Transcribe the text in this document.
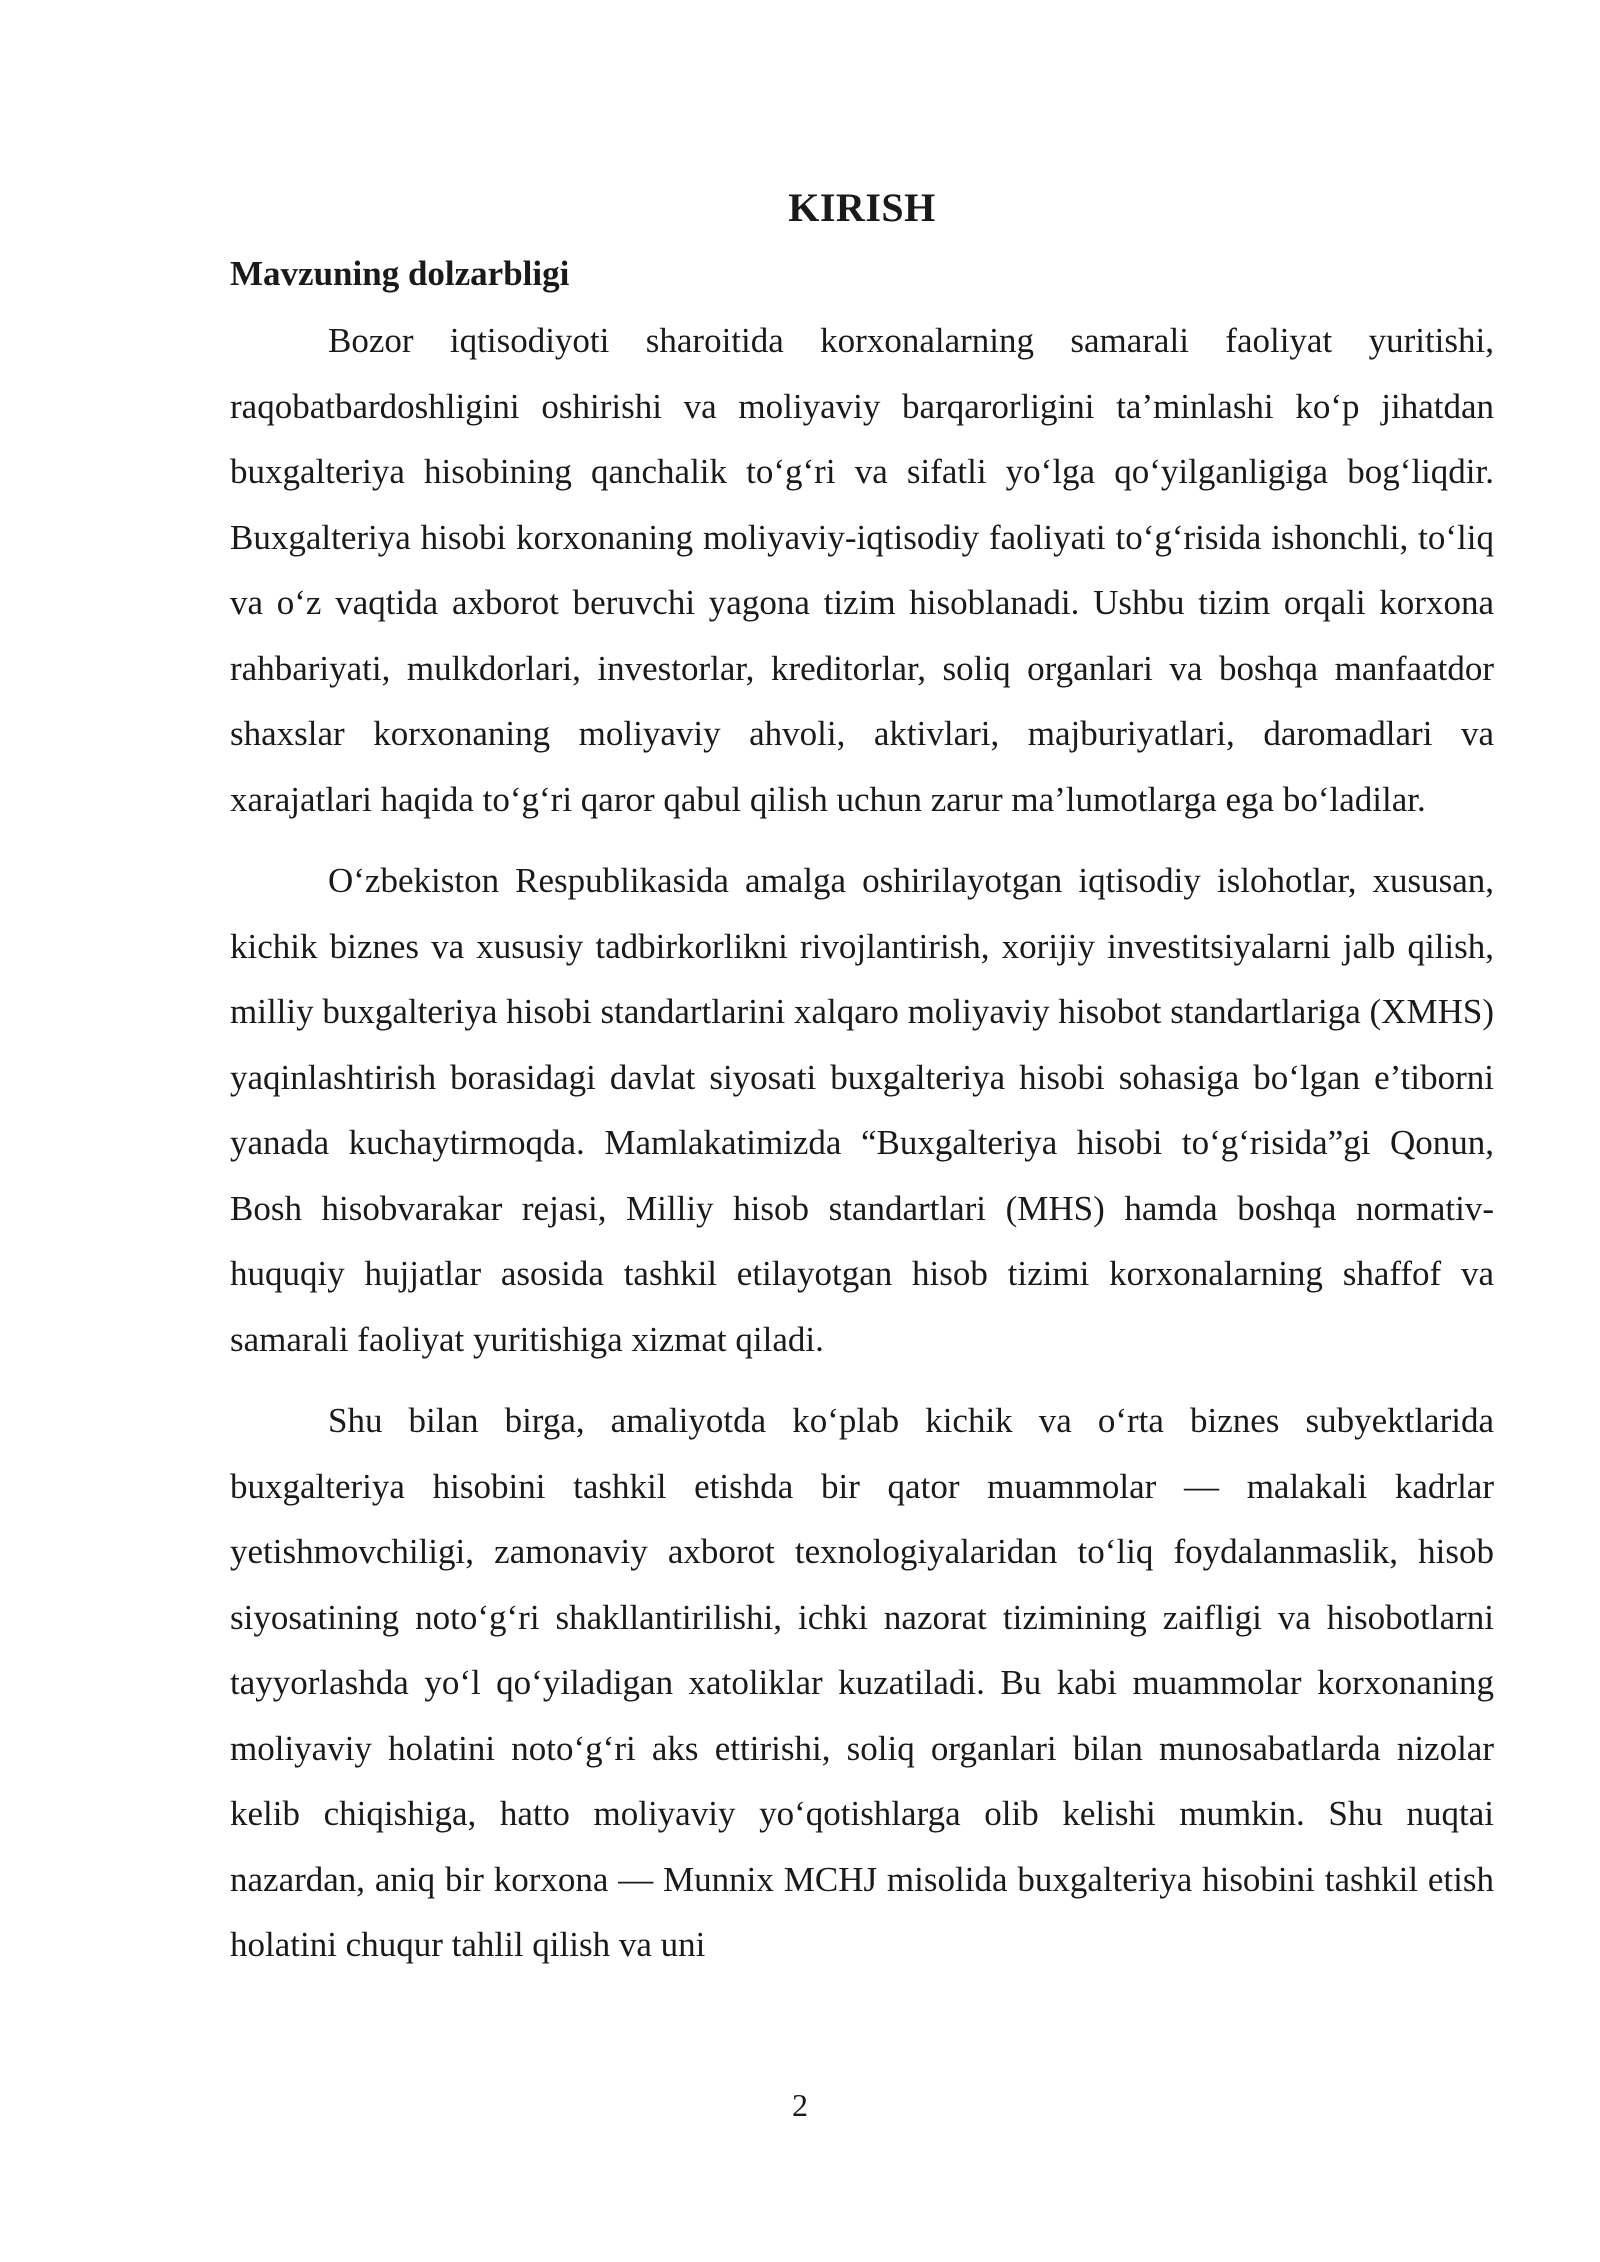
KIRISH
Mavzuning dolzarbligi

Bozor iqtisodiyoti sharoitida korxonalarning samarali faoliyat yuritishi, raqobatbardoshligini oshirishi va moliyaviy barqarorligini ta’minlashi ko‘p jihatdan buxgalteriya hisobining qanchalik to‘g‘ri va sifatli yo‘lga qo‘yilganligiga bog‘liqdir. Buxgalteriya hisobi korxonaning moliyaviy-iqtisodiy faoliyati to‘g‘risida ishonchli, to‘liq va o‘z vaqtida axborot beruvchi yagona tizim hisoblanadi. Ushbu tizim orqali korxona rahbariyati, mulkdorlari, investorlar, kreditorlar, soliq organlari va boshqa manfaatdor shaxslar korxonaning moliyaviy ahvoli, aktivlari, majburiyatlari, daromadlari va xarajatlari haqida to‘g‘ri qaror qabul qilish uchun zarur ma’lumotlarga ega bo‘ladilar.

O‘zbekiston Respublikasida amalga oshirilayotgan iqtisodiy islohotlar, xususan, kichik biznes va xususiy tadbirkorlikni rivojlantirish, xorijiy investitsiyalarni jalb qilish, milliy buxgalteriya hisobi standartlarini xalqaro moliyaviy hisobot standartlariga (XMHS) yaqinlashtirish borasidagi davlat siyosati buxgalteriya hisobi sohasiga bo‘lgan e’tiborni yanada kuchaytirmoqda. Mamlakatimizda “Buxgalteriya hisobi to‘g‘risida”gi Qonun, Bosh hisobvarakar rejasi, Milliy hisob standartlari (MHS) hamda boshqa normativ-huquqiy hujjatlar asosida tashkil etilayotgan hisob tizimi korxonalarning shaffof va samarali faoliyat yuritishiga xizmat qiladi.

Shu bilan birga, amaliyotda ko‘plab kichik va o‘rta biznes subyektlarida buxgalteriya hisobini tashkil etishda bir qator muammolar — malakali kadrlar yetishmovchiligi, zamonaviy axborot texnologiyalaridan to‘liq foydalanmaslik, hisob siyosatining noto‘g‘ri shakllantirilishi, ichki nazorat tizimining zaifligi va hisobotlarni tayyorlashda yo‘l qo‘yiladigan xatoliklar kuzatiladi. Bu kabi muammolar korxonaning moliyaviy holatini noto‘g‘ri aks ettirishi, soliq organlari bilan munosabatlarda nizolar kelib chiqishiga, hatto moliyaviy yo‘qotishlarga olib kelishi mumkin. Shu nuqtai nazardan, aniq bir korxona — Munnix MCHJ misolida buxgalteriya hisobini tashkil etish holatini chuqur tahlil qilish va uni

2
